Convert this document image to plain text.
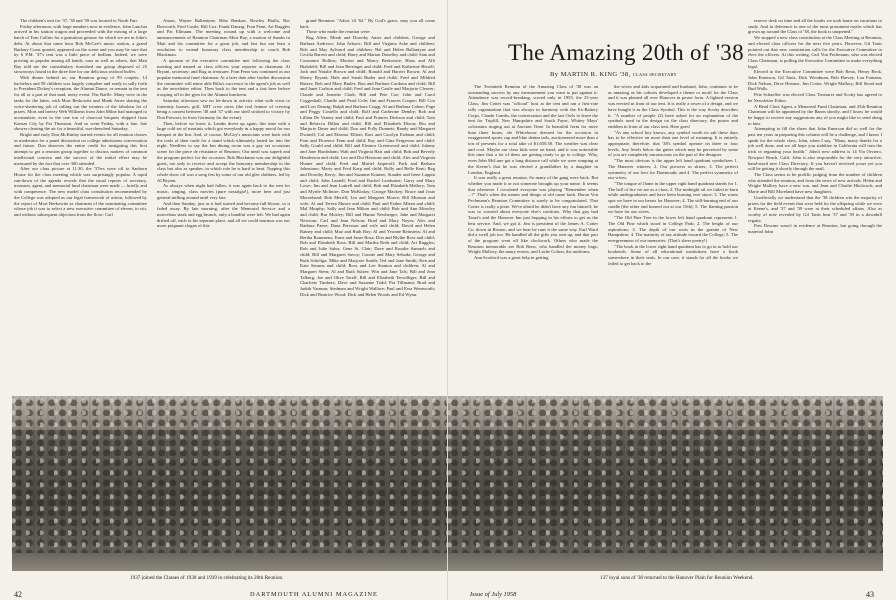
The children's tent for '37, '38 and '39 was located to North Fair.

Friday afternoon, with large numbers now in evidence, John Lauchia arrived in his station wagon and proceeded with the mixing of a large batch of Tom Collins for a gratuitous gesture for which we are in John's debt. At about that same hour Bob McGee's music station, a grand Barbary Coast quartet, appeared on the scene and you may be sure that by 6 P.M. '37's tent was a little piece of bedlam. Indeed, we were proving as popular among all hands, ours as well as others, that Matt Ray told me the constabulary furnished our group disposed of 25 stowaways found in the three line for our delicious seafood buffet.

With dinner behind us, our Reunion group of 99 couples, 14 bachelors and 58 children was largely complete and ready to sally forth to President Dickey's reception, the Alumni Dance, or remain in the tent for all or a part of that mad, noisy event. The Raffle. Many were in the tanks for the latter, with Mort Berkowitz and Monk Ames sharing the voice-shattering job of calling out the winners of the fabulous lot of prizes. Mort and breezy Web Williams from John Milne had managed to accumulate, even to the one ton of charcoal briquets shipped from Kansas City by Pat Thomson. And so went Friday, with a late, late shower clearing the air for a beautiful, sun-drenched Saturday.

Bright and early Don McKinlay started events for all reunion classes as moderator for a panel discussion on college admissions conversation and future. Don deserves the entire credit for instigating this first attempt to get a reunion group together to discuss matters of common intellectual concern and the success of the initial effort may be measured by the fact that over 300 attended.

After our class picture at 11:30, the '37ers were off to Sanborn House for the class meeting which was surprisingly popular. A rapid run-down of the agenda reveals that the usual reports of secretary, treasurer, agent, and memorial fund chairman were made — briefly and with competence. The new model class constitution recommended by the College was adopted as our legal framework of action, followed by the report of Mort Berkowitz as chairman of the nominating committee whose job it was to select a new executive committee of eleven, to wit, and without subsequent objection from the floor: Carl

Amon, Wayne Ballantyne, Biba Bankart, Rowley Bialla, Bor Bosworth, Fred Castle, Bill Cox, Frank Danzig, Fran Fenn, Art Ruggles and Pat Ellmann. The meeting wound up with a welcome and announcements of Reunion Chairman Mort Ray, a motion of thanks to Matt and his committee for a great job, and last but not least a resolution to extend honorary class membership to coach Bob Blackman.

A quorum of the executive committee met following the class meeting and named as class officers your reporter as chairman; Al Bryant, secretary; and Rug as treasurer. Fran Fenn was continued as our popular memorial fund chairman. At a later date after further discussion the committee will name able Billa's successor to the agent's job as well as the newsletter editor. Then back to the tent and a fast beer before trooping off to the gym for the Alumni luncheon.

Saturday afternoon saw no let-down in activity what with visits to fraternity houses, golf, MIT crew races (the real feature of crewing being a contest between '38 and '37 with our shell stroked to victory by Don Prescott, in from Germany for the event).

Then, before we knew it, Lambs drove up again, this time with a large cold set of martinis which got everybody in a happy mood for our banquet at the Inn. And, of course, McGoy's musicians were back with the tools of their trade for a stand which ultimately lasted far into the night. Needless to say the Inn dining room was a gay set occasions scene for the piece de résistance of Reunion. Our meal was superb and the program perfect for the occasion. Bob Blackman was our delightful guest, not only to receive and accept the honorary membership in the class but also as speaker, in which role he is hard to beat. Topping this whole show off was a song fest by some of our old glee clubbers, led by Al Bryant.

As always when night had fallen, it was again back to the tent for music, singing, class movies (pure nostalgia!), more beer and just general milling around until very late.

And then Sunday, just as it had started and become full-blown, so it faded away. By late morning, after the Memorial Service and a marvelous steak and egg brunch, only a handful were left. We had again drifted off, each to his separate place, and all we could murmur was our more poignant slogan of this

grand Reunion: "Adios 'til '62." By God's grace, may you all come back.

Those who made the reunion were:

Rug Allen; Monk and Dorothy Ames and children; George and Barbara Andrews; John Arbaric; Bill and Virginia Ashe and children; Bob and May Aylward and children; Bal and Helen Ballantyne and Cecilia Barrett and child; Harry and Marian Donelley and child; Stan and Constance Rollins; Morton and Marcy Berkowitz; Blass and Alli Bialafeld; Bill and Jean Berringer and child; Fred and Katherine Bissell; Jack and Natalie Brown and child; Ronald and Harriet Brown; Al and Sherry Bryant; Hale and Sarah Butler and child; Fred and Mildred Butzer; Bob and Mary Butler; Bou and Barbara Cardona and child; Bill and Janet Carlson and child; Fred and Jean Castle and Marjorie Cleaver; Claude and Jeanette Clark; Bill and Pete Coe; John and Carol Coggeshall; Charlie and Pearl Cole; Jim and Frances Cooper; Bill Cox and Lois Danzig; Ralph and Barbara Cragg; Al and Barbara Cohen; Page and Peggy Costello and child; Rolf and Catherine Demby; Bob and Lillian De Varney and child; Paul and Frances Dickson and child; Tom and Rebecca Dillon and child; Bill and Elizabeth Dixon; Biu and Marjorie Doser and child; Doo and Polly Dunnett; Randy and Margaret Dwinell; Cal and Eleanor Elliott; Kurt and Carolyn Erdman and child; Fran and Florence Fenn and child; Ray and Gina Fergerson and child; Sally Gould and child; Bill and Eleanor Greenwood and child; Johnny and Jane Hardisham; Walt and Virginia Hart and child; Bob and Beverly Henderson and child; Leo and Dot Hessions and child; Alec and Virginia Hunter and child; Fred and Muriel Jasperoff; Park and Barbara Johnstone; Marty and Fred Karp and child; Rolly and Belle Kent; Reg and Dorothy Kerry; Jim and Suzanne Kramer; Stauder and Irene Lappin and child; John Lantell; Ford and Rachel Leadsome; Garry and Mary Lowe; Jim and Jean Luttrell and child; Bob and Elizabeth Mallory; Tom and Myrtle McIntire; Don McKinlay; George Mackey; Bruce and Josie Moorehead; Bob Merrill; Lin and Margaret Moore; Bill Munson and wife; Al and Teresa Munce and child; Paul and Esther Mizen and child; Mal Murphy; Sally and Jean Milton and child; Bob and Ann Moseley and child; Bur Mosley; Bill and Hanna Newberger; Jake and Margaret Newsom; Carl and Jean Nelson; Brad and Mary Noyes; Alec and Barbara Paese; Dana Peterson and wife and child; David and Helen Rainey and child; Muz and Ruth Ray; Al and Yvonne Reinstein; Al and Bertha Rommens; Ernst and Janet Rosa; Don and Blythe Ross and child; Bob and Elizabeth Ross; Bill and Martha Roth and child; Art Ruggles; Rob and Julie Salus; Gene St. Clair; Dave and Rosalie Samuels and child; Bill and Margaret Savoy; Connie and Mary Seboda; George and Ruth Scheliga; Mike and Marjorie Smith; Ted and Jane Smith; Ken and Kate Stearns and child; Ross and Lee Stanton and children; Al and Margaret Stern; Al and Ruth Sulzer; Win and Jane Tals; Bill and Jean Talberg; Joe and Olive Tarell; Bill and Elizabeth Terwilliger; Bill and Charlotte Timbers; Dave and Suzanne Todd; Pat Tillmann; Brad and Judith Varnum; Stedman and Wright Wallace; Paul and Ersa Wentworth; Dick and Beatrice Wood; Dick and Helen Woods and Ed Wynn.

1937 joined the Classes of 1938 and 1939 in celebrating its 20th Reunion.
42	DARTMOUTH ALUMNI MAGAZINE
The Amazing 20th of '38
By MARTIN R. KING '38, CLASS SECRETARY

The Twentieth Reunion of the Amazing Class of '38 was an outstanding success by any measurement you want to put against it: Attendance was record-breaking, scored only in 1955, the 25-year Class; Jim Cotter was "official" host at the tent and ran a first-rate rally organization that was always in harmony with the Ex-Battery Corps, Claude Combs, the conversation and the last Owls to leave the tent for Tripfill, New Hampshire and South Fayer, Whitey Mays' coloratura ringing out at Auction Time. In beautiful form for more than three hours, ole Whitehorse dressed for the occasion in exaggerated sports cap and blue denim tails, auctioneered more than a ton of presents for a total take of $1,650.50. The weather was clear and cool. Maybe our class kids were on hand, and it was noticeable this time that a lot of them are getting ready to go to college. Why, even John McLane got a long distance call while we were romping at the Keene's that he was elected a grandfather by a daughter in London, England.

It was really a great reunion. So many of the gang were back. But whether you made it or not someone brought up your name. It seems that whenever I circulated everyone was playing "Remember when ...?" That's when the names and things of old came back. Baron Von Pechmann's Reunion Committee is surely to be congratulated. That Cotter is really a pixie. We're afraid he didn't have any fun himself; he was so worried about everyone else's comforts. Why that guy had Tanzi's and the Hanover Inn just hopping in his efforts to get us the best service. And, we got it. Jim is president of the James A. Cotter Co. down in Boston, and we hear he runs it the same way. Earl Ward did a swell job too. He handled all the gifts you sent up, and that part of the program went off like clockwork. Others who made the Reunion memorable are Bob Reno, who handled the money bags; Wright Mallory, the many events; and Leslie Colton, the uniforms.

Ann Scotford was a great help in getting

the wives and kids acquainted and husband, John, continues to be as amazing as his cohorts developed a theme or motif for the Class and it was planted all over Hanover in poster form. A lighted version was erected in front of our tent. It is really a tower of a design, and we have bought it as the Class Symbol. This is the way Scotty describes it: "A number of people (2) have asked for an explanation of the symbols used in the design on the class directory, the poster and emblem in front of our class tent. Here goes!

"As any school boy knows, any symbol worth its salt these days has to be effective on more than one level of meaning. It is entirely appropriate, therefore, that '38's symbol operate on three or four levels. Any levels below the gutter which may be perceived by some of you are completely unconscious on the part of the designer.

"The most obvious is the upper left hand quadrant symbolizes 1. The Hanover winters; 2. Our prowess as skiers; 3. The perfect symmetry of our love for Dartmouth; and 4. The perfect symmetry of our wives.

"The tongue of flame in the upper right hand quadrant stands for 1. The hell of fire we are as a class; 2. The midnight oil we failed to burn while undergraduates and have been burning ever since; 3. The warm spot we have in our hearts for Hanover; 4. The still-burning end of our candle (the other end burned out at our 15th); 5. The flaming passion we have for our wives.

"The Old Pine Tree in the lower left hand quadrant represents 1. The Old Pine which stood in College Park; 2. The height of our aspirations; 3. The depth of our roots in the granite of New Hampshire; 4. The maturity of our attitude toward the College; 5. The evergreenness of our memories. (That's sheer poetry!)

"The book in the lower right hand quadrant has to go in to hold our bookends. Some of all educational institutions have a book somewhere in their seals. In our case, it stands for all the books we failed to get back to the

reserve desk on time and all the books we took home on vacations to study. And in deference to one of the most prominent myths which has grown up around the Class of '38, the book is unopened."

We stopped a new class constitution at the Class Meeting at Reunion, and elected class officers for the next five years. However, Gil Tanis pointed out that new constitution calls for the Executive Committee to elect the officers. At this writing, Carl Von Pechmann, who was elected Class Chairman, is polling the Executive Committee to make everything legal.

Elected to the Executive Committee were Bob Reno, Henry Beck, John Emerson, Gil Tanis, Dick Woodman, Rob Harvey, Lou Fontana, Dick Nelson, Dave Hosmer, Jim Cotter, Wright Mallory, Bill Stead and Bud Walls.

Pete Schaeffer was elected Class Treasurer and Scotty has agreed to be Newsletter Editor.

A Head Class Agent, a Memorial Fund Chairman, and 25th Reunion Chairman will be appointed by the Baron shortly, and I know he would be happy to receive any suggestions any of you might like to send along to him.

Attempting to fill the shoes that John Emerson did so well for the past ten years in preparing this column will be a challenge, and I know I speak for the whole class, John, when I say, "Many, many thanks for a job well done, and we all hope you stabilize in California will turn the trick in regaining your health." John's new address is 14 Via Orviero, Newport Beach, Calif. John is also responsible for the very attractive, hand-sized new Class Directory. If you haven't received yours yet you will be getting it shortly through the mail.

The Class seems to be prolific judging from the number of children who attended the reunion, and from the news of new arrivals. Helen and Wright Mallory have a new son, and Jean and Charlie Hitchcock, and Marie and Bill Moreland have new daughters.

Unofficially we understand that the '38 children win the majority of prizes for the field events that were held for the offspring while we were at Keene's, and '37 and '39 were at their scheduled affairs. Also as worthy of note revealed by Gil Tanis beat '37 and '39 in a downhill regatta.

Pres Downer wasn't in evidence at Reunion, but going through the material John

137 loyal sons of '38 returned to the Hanover Plain for Reunion Weekend.
Issue of July 1958	43
